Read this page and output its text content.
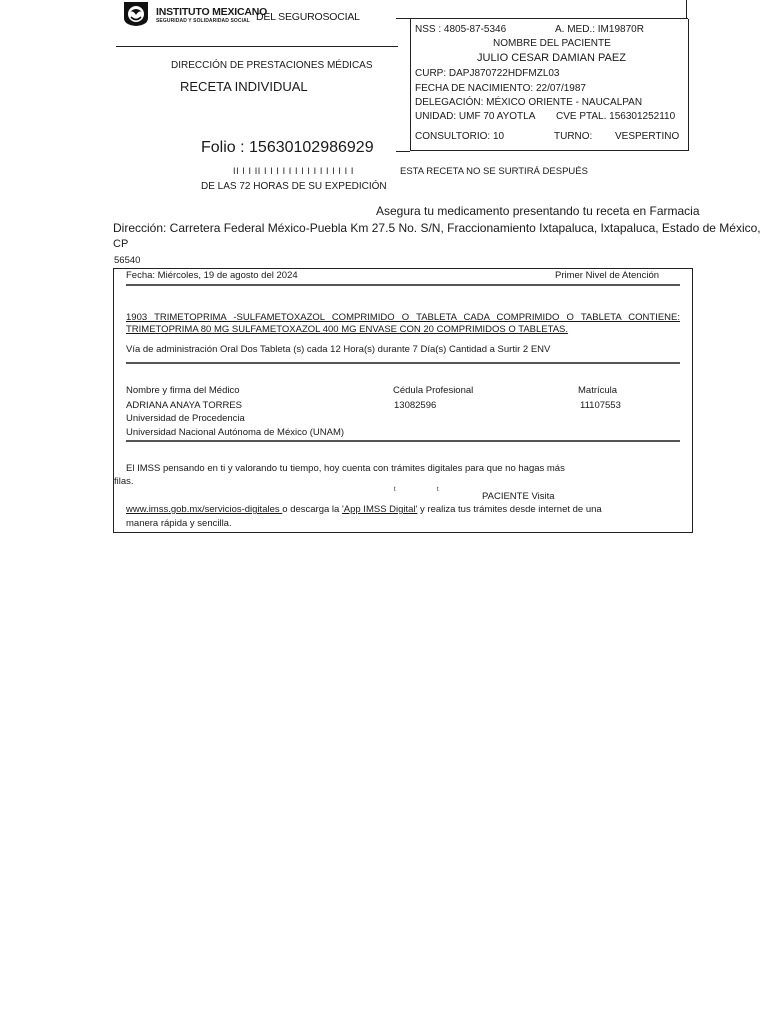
INSTITUTO MEXICANO
SEGURIDAD Y SOLIDARIDAD SOCIAL DEL SEGUROSOCIAL
DIRECCIÓN DE PRESTACIONES MÉDICAS
RECETA INDIVIDUAL
NSS : 4805-87-5346	A. MED.: IM19870R
NOMBRE DEL PACIENTE
JULIO CESAR DAMIAN PAEZ
CURP: DAPJ870722HDFMZL03
FECHA DE NACIMIENTO: 22/07/1987
DELEGACIÓN: MÉXICO ORIENTE - NAUCALPAN
UNIDAD: UMF 70 AYOTLA CVE PTAL. 156301252110
CONSULTORIO: 10	TURNO: VESPERTINO
Folio : 15630102986929
II I I II I I I I I I I I I I I I I I I	ESTA RECETA NO SE SURTIRÁ DESPUÉS
DE LAS 72 HORAS DE SU EXPEDICIÓN
Asegura tu medicamento presentando tu receta en Farmacia
Dirección: Carretera Federal México-Puebla Km 27.5 No. S/N, Fraccionamiento Ixtapaluca, Ixtapaluca, Estado de México,
CP
56540
Fecha: Miércoles, 19 de agosto del 2024	Primer Nivel de Atención
1903 TRIMETOPRIMA -SULFAMETOXAZOL COMPRIMIDO O TABLETA CADA COMPRIMIDO O TABLETA CONTIENE:
TRIMETOPRIMA 80 MG SULFAMETOXAZOL 400 MG ENVASE CON 20 COMPRIMIDOS O TABLETAS.
Vía de administración Oral Dos Tableta (s) cada 12 Hora(s) durante 7 Día(s) Cantidad a Surtir 2 ENV
Nombre y firma del Médico	Cédula Profesional	Matrícula
ADRIANA ANAYA TORRES	13082596	11107553
Universidad de Procedencia
Universidad Nacional Autónoma de México (UNAM)
El IMSS pensando en ti y valorando tu tiempo, hoy cuenta con trámites digitales para que no hagas más
filas.
t	t
PACIENTE Visita
www.imss.gob.mx/servicios-digitales o descarga la 'App IMSS Digital' y realiza tus trámites desde internet de una
manera rápida y sencilla.
